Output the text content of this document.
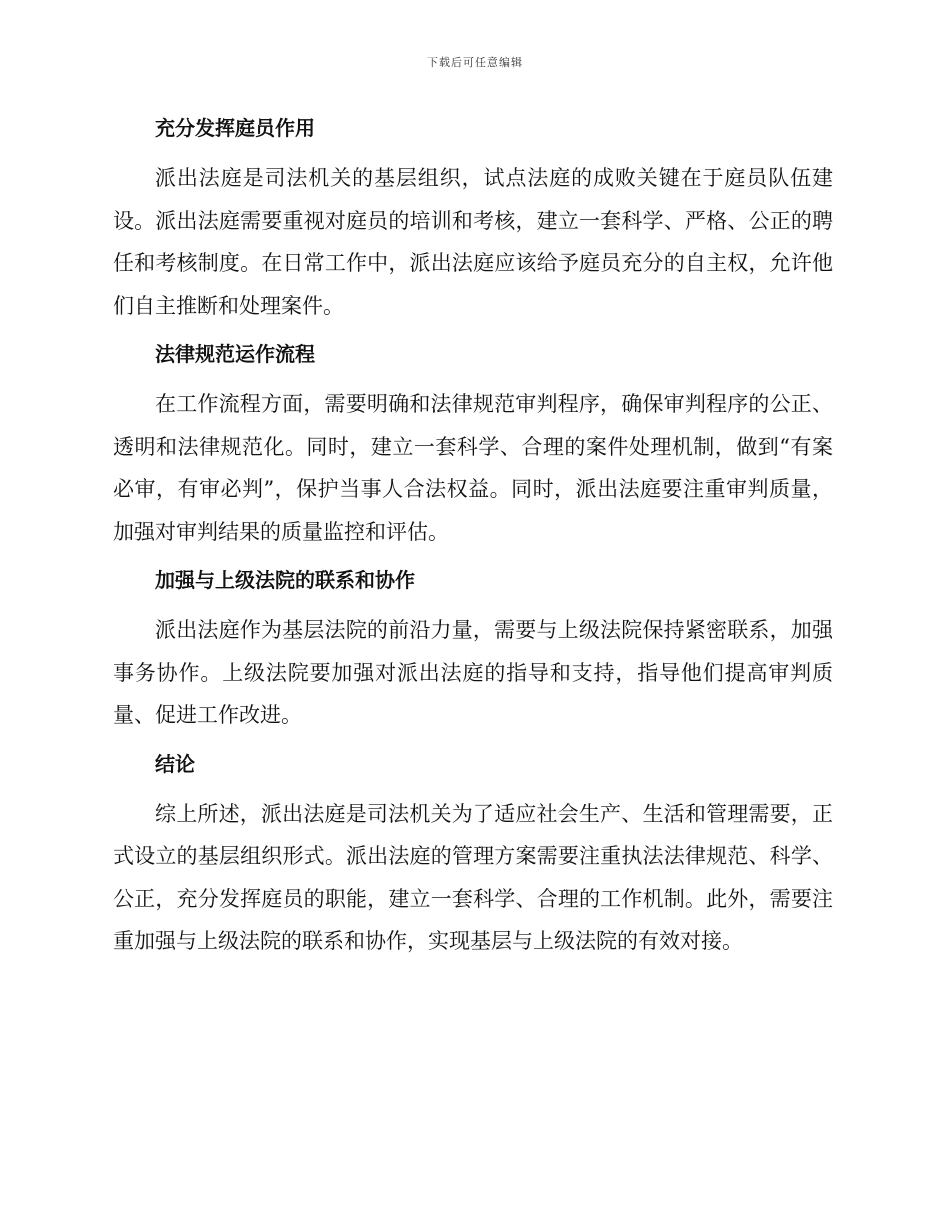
下载后可任意编辑
充分发挥庭员作用

派出法庭是司法机关的基层组织，试点法庭的成败关键在于庭员队伍建设。派出法庭需要重视对庭员的培训和考核，建立一套科学、严格、公正的聘任和考核制度。在日常工作中，派出法庭应该给予庭员充分的自主权，允许他们自主推断和处理案件。

法律规范运作流程

在工作流程方面，需要明确和法律规范审判程序，确保审判程序的公正、透明和法律规范化。同时，建立一套科学、合理的案件处理机制，做到“有案必审，有审必判”，保护当事人合法权益。同时，派出法庭要注重审判质量，加强对审判结果的质量监控和评估。

加强与上级法院的联系和协作

派出法庭作为基层法院的前沿力量，需要与上级法院保持紧密联系，加强事务协作。上级法院要加强对派出法庭的指导和支持，指导他们提高审判质量、促进工作改进。

结论

综上所述，派出法庭是司法机关为了适应社会生产、生活和管理需要，正式设立的基层组织形式。派出法庭的管理方案需要注重执法法律规范、科学、公正，充分发挥庭员的职能，建立一套科学、合理的工作机制。此外，需要注重加强与上级法院的联系和协作，实现基层与上级法院的有效对接。
